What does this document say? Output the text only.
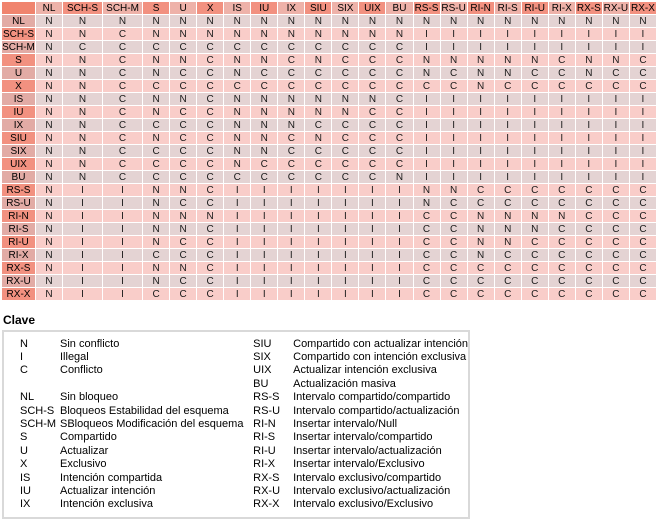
	NL	SCH-S	SCH-M	S	U	X	IS	IU	IX	SIU	SIX	UIX	BU	RS-S	RS-U	RI-N	RI-S	RI-U	RI-X	RX-S	RX-U	RX-X
NL	N	N	N	N	N	N	N	N	N	N	N	N	N	N	N	N	N	N	N	N	N	N
SCH-S	N	N	C	N	N	N	N	N	N	N	N	N	N	I	I	I	I	I	I	I	I	I
SCH-M	N	C	C	C	C	C	C	C	C	C	C	C	C	I	I	I	I	I	I	I	I	I
S	N	N	C	N	N	C	N	N	C	N	C	C	C	N	N	N	N	N	C	N	N	C
U	N	N	C	N	C	C	N	C	C	C	C	C	C	N	C	N	N	C	C	N	C	C
X	N	N	C	C	C	C	C	C	C	C	C	C	C	C	C	N	C	C	C	C	C	C
IS	N	N	C	N	N	C	N	N	N	N	N	N	C	I	I	I	I	I	I	I	I	I
IU	N	N	C	N	C	C	N	N	N	N	N	C	C	I	I	I	I	I	I	I	I	I
IX	N	N	C	C	C	C	N	N	N	C	C	C	C	I	I	I	I	I	I	I	I	I
SIU	N	N	C	N	C	C	N	N	C	N	C	C	C	I	I	I	I	I	I	I	I	I
SIX	N	N	C	C	C	C	N	N	C	C	C	C	C	I	I	I	I	I	I	I	I	I
UIX	N	N	C	C	C	C	N	C	C	C	C	C	C	I	I	I	I	I	I	I	I	I
BU	N	N	C	C	C	C	C	C	C	C	C	C	N	I	I	I	I	I	I	I	I	I
RS-S	N	I	I	N	N	C	I	I	I	I	I	I	I	N	N	C	C	C	C	C	C	C
RS-U	N	I	I	N	C	C	I	I	I	I	I	I	I	N	C	C	C	C	C	C	C	C
RI-N	N	I	I	N	N	N	I	I	I	I	I	I	I	C	C	N	N	N	N	C	C	C
RI-S	N	I	I	N	N	C	I	I	I	I	I	I	I	C	C	N	N	N	C	C	C	C
RI-U	N	I	I	N	C	C	I	I	I	I	I	I	I	C	C	N	N	C	C	C	C	C
RI-X	N	I	I	C	C	C	I	I	I	I	I	I	I	C	C	N	C	C	C	C	C	C
RX-S	N	I	I	N	N	C	I	I	I	I	I	I	I	C	C	C	C	C	C	C	C	C
RX-U	N	I	I	N	C	C	I	I	I	I	I	I	I	C	C	C	C	C	C	C	C	C
RX-X	N	I	I	C	C	C	I	I	I	I	I	I	I	C	C	C	C	C	C	C	C	C
Clave
N	Sin conflicto
I	Illegal
C	Conflicto
NL	Sin bloqueo
SCH-S Bloqueos Estabilidad del esquema
SCH-M SBloqueos Modificación del esquema
S	Compartido
U	Actualizar
X	Exclusivo
IS	Intención compartida
IU	Actualizar intención
IX	Intención exclusiva
SIU	Compartido con actualizar intención
SIX	Compartido con intención exclusiva
UIX	Actualizar intención exclusiva
BU	Actualización masiva
RS-S	Intervalo compartido/compartido
RS-U	Intervalo compartido/actualización
RI-N	Insertar intervalo/Null
RI-S	Insertar intervalo/compartido
RI-U	Insertar intervalo/actualización
RI-X	Insertar intervalo/Exclusivo
RX-S	Intervalo exclusivo/compartido
RX-U	Intervalo exclusivo/actualización
RX-X	Intervalo exclusivo/Exclusivo
